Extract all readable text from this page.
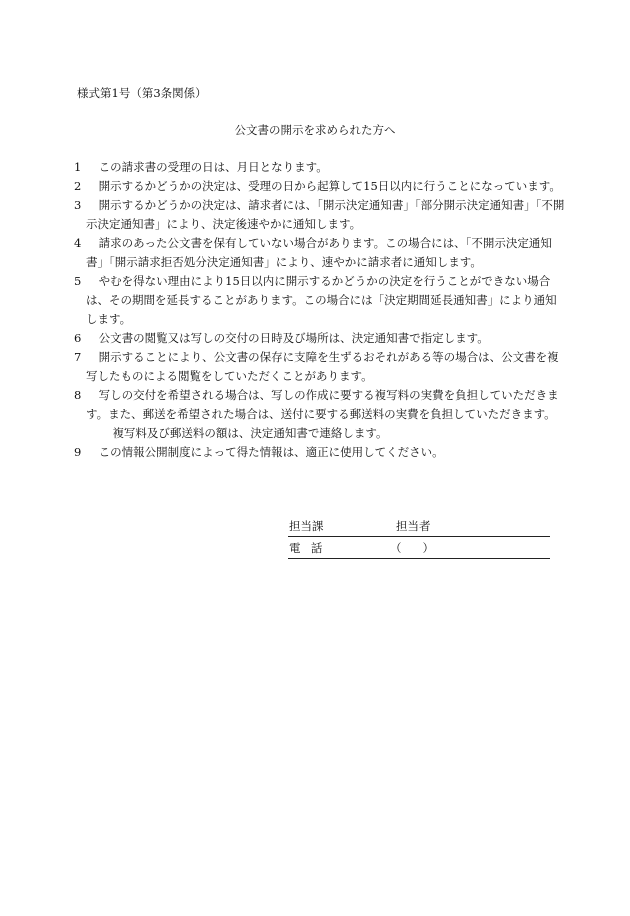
様式第1号（第3条関係）
公文書の開示を求められた方へ
1	この請求書の受理の日は、月日となります。
2	開示するかどうかの決定は、受理の日から起算して15日以内に行うことになっています。
3	開示するかどうかの決定は、請求者には、「開示決定通知書」「部分開示決定通知書」「不開示決定通知書」により、決定後速やかに通知します。
4	請求のあった公文書を保有していない場合があります。この場合には、「不開示決定通知書」「開示請求拒否処分決定通知書」により、速やかに請求者に通知します。
5	やむを得ない理由により15日以内に開示するかどうかの決定を行うことができない場合は、その期間を延長することがあります。この場合には「決定期間延長通知書」により通知します。
6	公文書の閲覧又は写しの交付の日時及び場所は、決定通知書で指定します。
7	開示することにより、公文書の保存に支障を生ずるおそれがある等の場合は、公文書を複写したものによる閲覧をしていただくことがあります。
8	写しの交付を希望される場合は、写しの作成に要する複写料の実費を負担していただきます。また、郵送を希望された場合は、送付に要する郵送料の実費を負担していただきます。
複写料及び郵送料の額は、決定通知書で連絡します。
9	この情報公開制度によって得た情報は、適正に使用してください。
担当課	担当者
電話	（ ）
